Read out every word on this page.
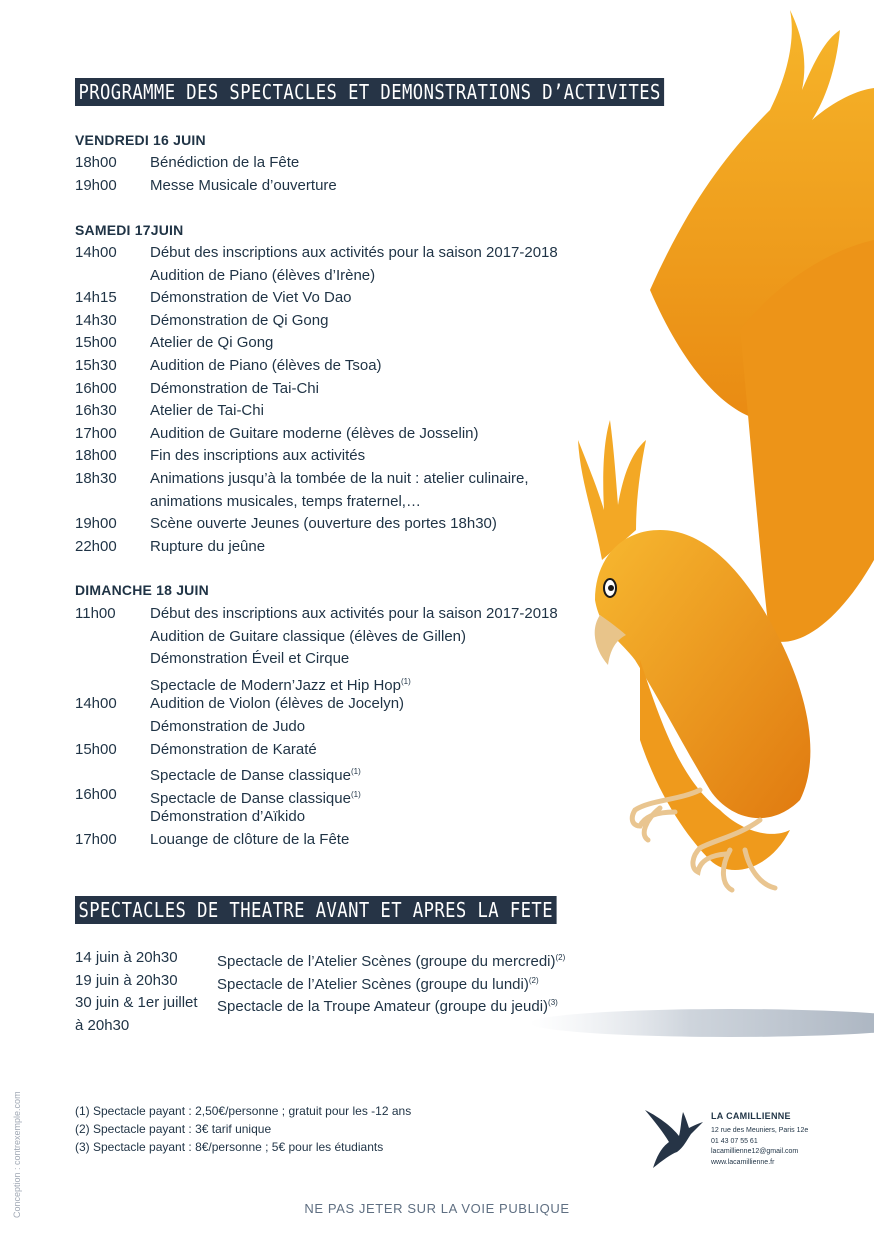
PROGRAMME DES SPECTACLES ET DEMONSTRATIONS D’ACTIVITES
VENDREDI 16 JUIN
18h00 Bénédiction de la Fête
19h00 Messe Musicale d’ouverture
SAMEDI 17JUIN
14h00 Début des inscriptions aux activités pour la saison 2017-2018
Audition de Piano (élèves d’Irène)
14h15 Démonstration de Viet Vo Dao
14h30 Démonstration de Qi Gong
15h00 Atelier de Qi Gong
15h30 Audition de Piano (élèves de Tsoa)
16h00 Démonstration de Tai-Chi
16h30 Atelier de Tai-Chi
17h00 Audition de Guitare moderne (élèves de Josselin)
18h00 Fin des inscriptions aux activités
18h30 Animations jusqu’à la tombée de la nuit : atelier culinaire,
animations musicales, temps fraternel,…
19h00 Scène ouverte Jeunes (ouverture des portes 18h30)
22h00 Rupture du jeûne
DIMANCHE 18 JUIN
11h00 Début des inscriptions aux activités pour la saison 2017-2018
Audition de Guitare classique (élèves de Gillen)
Démonstration Éveil et Cirque
Spectacle de Modern’Jazz et Hip Hop$^{(1)}$
14h00 Audition de Violon (élèves de Jocelyn)
Démonstration de Judo
15h00 Démonstration de Karaté
Spectacle de Danse classique$^{(1)}$
16h00 Spectacle de Danse classique$^{(1)}$
Démonstration d’Aïkido
17h00 Louange de clôture de la Fête
SPECTACLES DE THEATRE AVANT ET APRES LA FETE
14 juin à 20h30	Spectacle de l’Atelier Scènes (groupe du mercredi)$^{(2)}$
19 juin à 20h30	Spectacle de l’Atelier Scènes (groupe du lundi)$^{(2)}$
30 juin & 1er juillet
à 20h30
Spectacle de la Troupe Amateur (groupe du jeudi)$^{(3)}$
(1) Spectacle payant : 2,50€/personne ; gratuit pour les -12 ans
(2) Spectacle payant : 3€ tarif unique
(3) Spectacle payant : 8€/personne ; 5€ pour les étudiants
LA CAMILLIENNE
12 rue des Meuniers, Paris 12e
01 43 07 55 61
lacamillienne12@gmail.com
www.lacamillienne.fr
NE PAS JETER SUR LA VOIE PUBLIQUE
Conception : contrexemple.com
